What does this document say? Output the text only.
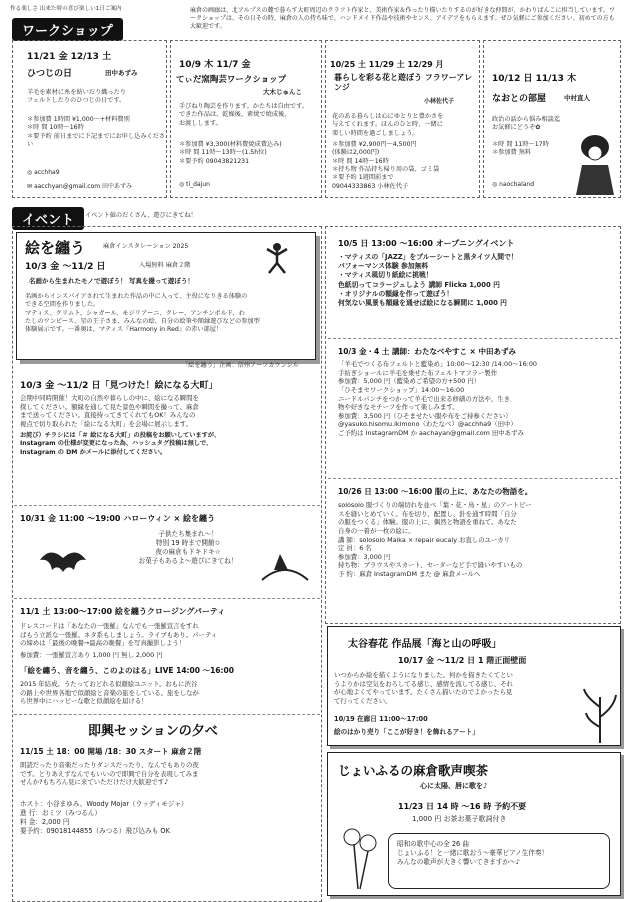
作る楽しさ 出来た時の喜び楽しい1日ご案内
ワークショップ
麻倉の画廊は、北アルプスの麓で暮らす大町周辺のクラフト作家と、美術作家＆作ったり描いたりするのが好きな仲間が、かわりばんこに担当しています。ワークショップは、その日その時、麻倉の人の持ち味で、ハンドメイド作品や技術やセンス、アイデアをもらえます。ぜひ気軽にご参加ください。初めての方も大歓迎です。
11/21 金 12/13 土
ひつじの日	田中あずみ
羊毛を素材に糸を紡いだり織ったり
フェルトしたりのひつじの日です。
＊参加費 1時間 ¥1,000〜+材料費別
＊時 間 10時〜16時
＊要予約 前日までに下記までにお申し込みください
◎ acchha9
✉ aacchyan@gmail.com 田中あずみ
10/9 木 11/7 金
てぃだ窯陶芸ワークショップ
大木じゅんこ
手びねり陶芸を作ります。かたちは自由です。
できた作品は、乾燥後、素焼で焼成後、
お渡しします。
＊参加費 ¥3,300(材料費焼成費込み)
＊時 間 11時〜13時〜(1.5h位)
＊要予約 09043821231
◎ ti_dajun
10/25 土 11/29 土 12/29 月
暮らしを彩る花と遊ぼう フラワーアレンジ
小林佐代子
花のある暮らしは心にゆとりと豊かさを
与えてくれます。ほんのひと時、一緒に
楽しい時間を過ごしましょう。
＊参加費 ¥2,900円〜4,500円
(体験は2,000円)
＊時 間 14時〜16時
＊持ち物 作品持ち帰り用の袋、ゴミ袋
＊要予約 1週間前まで
09044333863 小林佐代子
10/12 日 11/13 木
なおとの部屋	中村直人
政治の話から悩み相談迄
お気軽にどうぞ✿
＊時 間 11時〜17時
＊参加費 無料
◎ naochaland
イベント	イベント値のだくさん、遊びにきてね！
絵を纏う	麻倉インスタレーション 2025
10/3 金 〜11/2 日	入場無料 麻倉２階
名画から生まれたモノで遊ぼう！ 写真を撮って遊ぼう！
名画からインスパイアされて生まれた作品の中に入って、主役になりきる体験の
できる空間を作りました。
マティス、クリムト、シャガール、モジリアーニ、クレー、アンチンボルド、わ
たしのワンピース、星の王子さま、みんなの絵、自分の絵筆や額縁遊びなどの参加型
体験展示です。一番奥は、マティス『Harmony in Red』の赤い部屋！
「絵を纏う」企画：信州アーツカウンシル
10/3 金 〜11/2 日「見つけた！絵になる大町」
会期中同時開催！大町の自然や暮らしの中に、絵になる瞬間を
探してください。額縁を通して見た景色や瞬間を撮って、麻倉
まで送ってください。直接持ってきてくれてもOK！みんなの
視点で切り取られた「絵になる大町」を会場に展示します。
お詫び）チラシには「＃ 絵になる大町」の投稿をお願いしていますが、
Instagram の仕様が変更になった為、ハッシュタグ投稿は無しで、
Instagram の DM かメールに添付してください。
10/31 金 11:00 〜19:00 ハローウィン × 絵を纏う
子供たち集まれ〜！
特別 19 時まで開館✩
夜の麻倉もドキドキ☆
お菓子もあるよ〜遊びにきてね！
11/1 土 13:00〜17:00 絵を纏うクロージングパーティ
ドレスコードは「あなたの一張羅」なんでも一張羅宣言をすれ
ばもう立派な一張羅。ネタ系もしましょう。ライブもあり。パーティ
の締めは「最後の晩餐→最高の晩餐」を写真撮影しよう！
参加費：一張羅宣言あり 1,000 円 無し 2,000 円
「絵を纏う、音を纏う、このよのはる」LIVE 14:00 〜16:00
2015 年結成。うたっておどれる似顔絵ユニット。おもに渋谷
の路上や世界各地で似顔絵と音楽の旅をしている。旅をしなが
ら世界中にハッピーな歌と似顔絵を届ける！
即興セッションの夕べ
11/15 土 18：00 開場 /18：30 スタート 麻倉２階
朗読だったり音楽だったりダンスだったり、なんでもありの夜
です。とりあえずなんでもいいので即興で自分を表現してみま
せんか?もちろん見に来ていただけだけ大歓迎です♪
ホスト：小谷まゆみ、Woody Mojar（ウッディモジャ）
進 行：おミツ（みつるん）
料 金：2,000 円
要予約：09018144855（みつる）飛び込みも OK
10/5 日 13:00 〜16:00 オープニングイベント
・マティスの「JAZZ」をブルーシートと黒タイツ人間で！
パフォーマンス体験 参加無料
・マティス風切り紙絵に挑戦！
色紙切ってコラージュしよう 講師 Flicka 1,000 円
・オリジナルの額縁を作って遊ぼう！
何気ない風景も額縁を通せば絵になる瞬間に 1,000 円
10/3 金・4 土 講師：わたなべやすこ × 中田あずみ
「羊毛でつくる布フェルトと藍染め」10:00〜12:30 /14:00〜16:00
手紡ぎショールに羊毛を乗せた布フェルトマフラー製作
参加費：5,000 円（藍染めご希望の方+500 円）
「ひそまセワークショップ」14:00〜16:00
ニードルパンチをつかって羊毛で出来る修繕の方法や、生き
物や好きなモチーフを作って楽しみます。
参加費：3,500 円（ひそませたい服や布をご持参ください）
@yasuko.hisomu.ikimono（わたなべ）@acchha9（田中）
ご予約は InstagramDM か aachayan@gmail.com 田中あずみ
10/26 日 13:00 〜16:00 服の上に、あなたの物語を。
solosolo 服づくりの端切れを並べ「葉・花・鳥・星」のアートピー
スを縫いとめていく。布を切り、配置し、針を通す時間「自分
の服をつくる」体験。服の上に、偶然と物語を重ねて。あなた
自身の一着が一枚の絵に。
講 師：solosolo Maika × repair eucaly お直しのユーカリ
定 員：6 名
参加費：3,000 円
持ち物：ブラウスやスカート、セーターなど手で縫いやすいもの
予 約：麻倉 InstagramDM また @ 麻倉メールへ
太谷春花 作品展「海と山の呼吸」
10/17 金 〜11/2 日 1 階正面壁面
いつからか絵を描くようになりました。何かを描きたくてとい
うよりかは空気をおろしてる感じ、感情を流してる感じ、それ
が心地よくてやっています。たくさん描いたのでよかったら見
て行ってください。
10/19 在廊日 11:00〜17:00
絵のはかり売り「ここが好き！を飾れるアート」
じょいふるの麻倉歌声喫茶
心に太陽、唇に歌を♪
11/23 日 14 時 〜16 時 予約不要
1,000 円 お茶お菓子歌詞付き
昭和の歌中心の全 26 曲
じょいふる！と一緒に歌おう〜豪華ピアノ生伴奏！
みんなの歌声が大きく響いてきますか〜♪
